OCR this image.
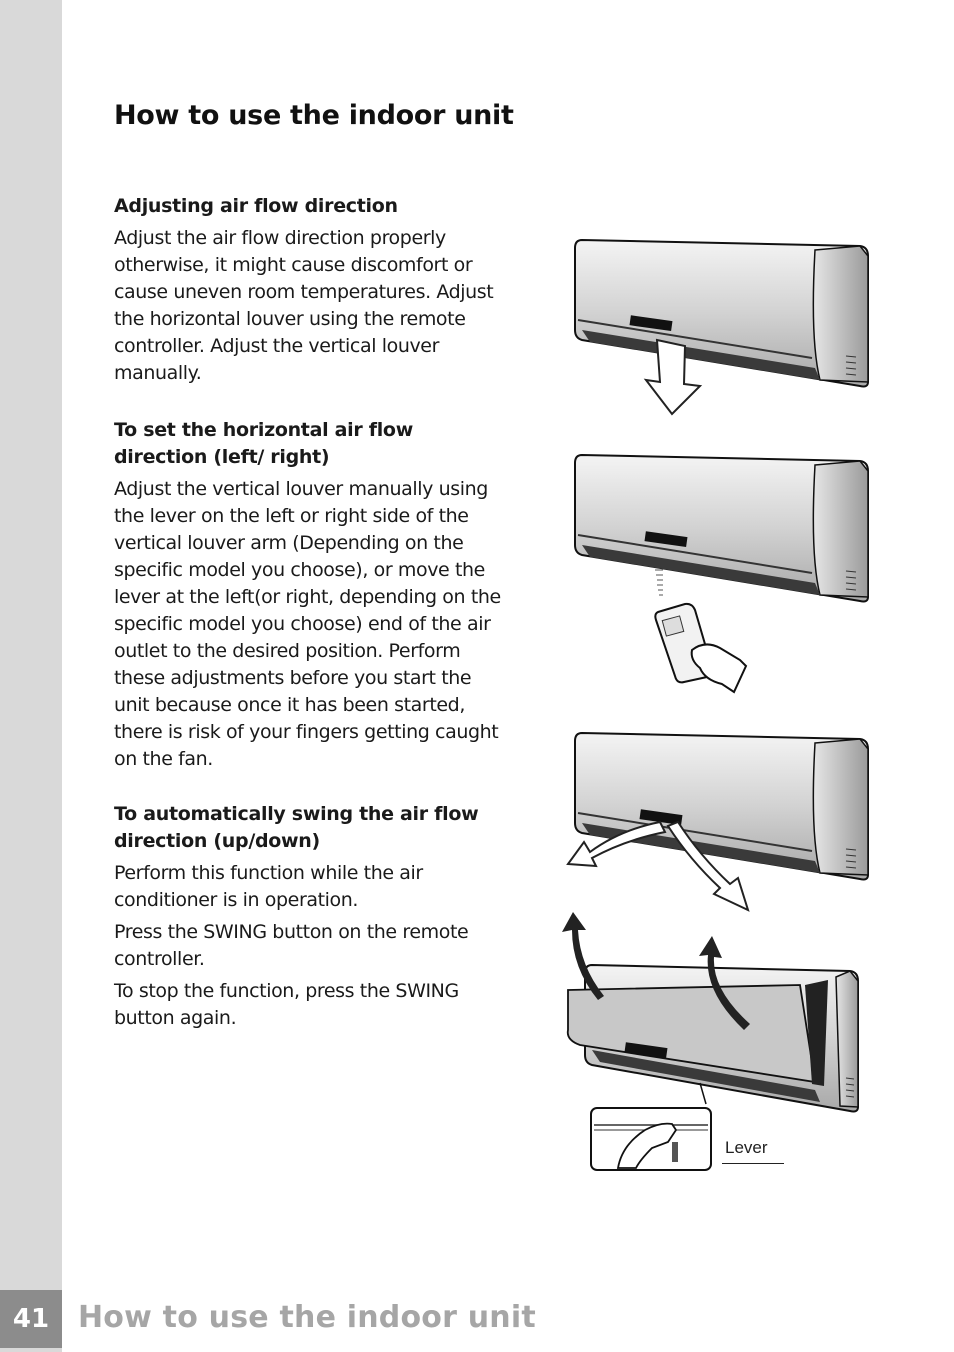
41 How to use the indoor unit
How to use the indoor unit
Adjusting air flow direction

Adjust the air flow direction properly otherwise, it might cause discomfort or cause uneven room temperatures. Adjust the horizontal louver using the remote controller. Adjust the vertical louver manually.

To set the horizontal air flow direction (left/ right)

Adjust the vertical louver manually using the lever on the left or right side of the vertical louver arm (Depending on the specific model you choose), or move the lever at the left(or right, depending on the specific model you choose) end of the air outlet to the desired position. Perform these adjustments before you start the unit because once it has been started, there is risk of your fingers getting caught on the fan.

To automatically swing the air flow direction (up/down)

Perform this function while the air conditioner is in operation.

Press the SWING button on the remote controller.

To stop the function, press the SWING button again.

Lever
